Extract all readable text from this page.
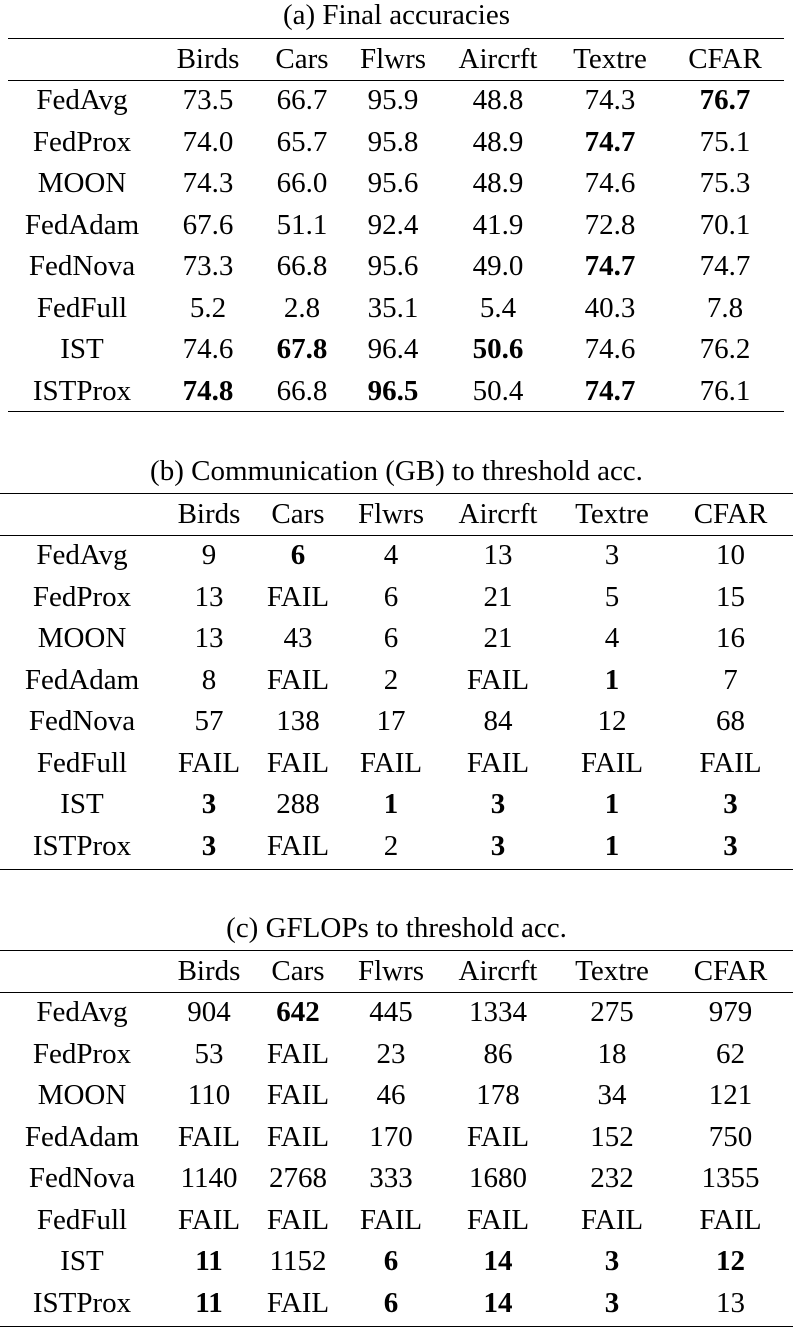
(a) Final accuracies
	Birds	Cars	Flwrs	Aircrft	Textre	CFAR
FedAvg	73.5	66.7	95.9	48.8	74.3	76.7
FedProx	74.0	65.7	95.8	48.9	74.7	75.1
MOON	74.3	66.0	95.6	48.9	74.6	75.3
FedAdam	67.6	51.1	92.4	41.9	72.8	70.1
FedNova	73.3	66.8	95.6	49.0	74.7	74.7
FedFull	5.2	2.8	35.1	5.4	40.3	7.8
IST	74.6	67.8	96.4	50.6	74.6	76.2
ISTProx	74.8	66.8	96.5	50.4	74.7	76.1
(b) Communication (GB) to threshold acc.
	Birds	Cars	Flwrs	Aircrft	Textre	CFAR
FedAvg	9	6	4	13	3	10
FedProx	13	FAIL	6	21	5	15
MOON	13	43	6	21	4	16
FedAdam	8	FAIL	2	FAIL	1	7
FedNova	57	138	17	84	12	68
FedFull	FAIL	FAIL	FAIL	FAIL	FAIL	FAIL
IST	3	288	1	3	1	3
ISTProx	3	FAIL	2	3	1	3
(c) GFLOPs to threshold acc.
	Birds	Cars	Flwrs	Aircrft	Textre	CFAR
FedAvg	904	642	445	1334	275	979
FedProx	53	FAIL	23	86	18	62
MOON	110	FAIL	46	178	34	121
FedAdam	FAIL	FAIL	170	FAIL	152	750
FedNova	1140	2768	333	1680	232	1355
FedFull	FAIL	FAIL	FAIL	FAIL	FAIL	FAIL
IST	11	1152	6	14	3	12
ISTProx	11	FAIL	6	14	3	13
